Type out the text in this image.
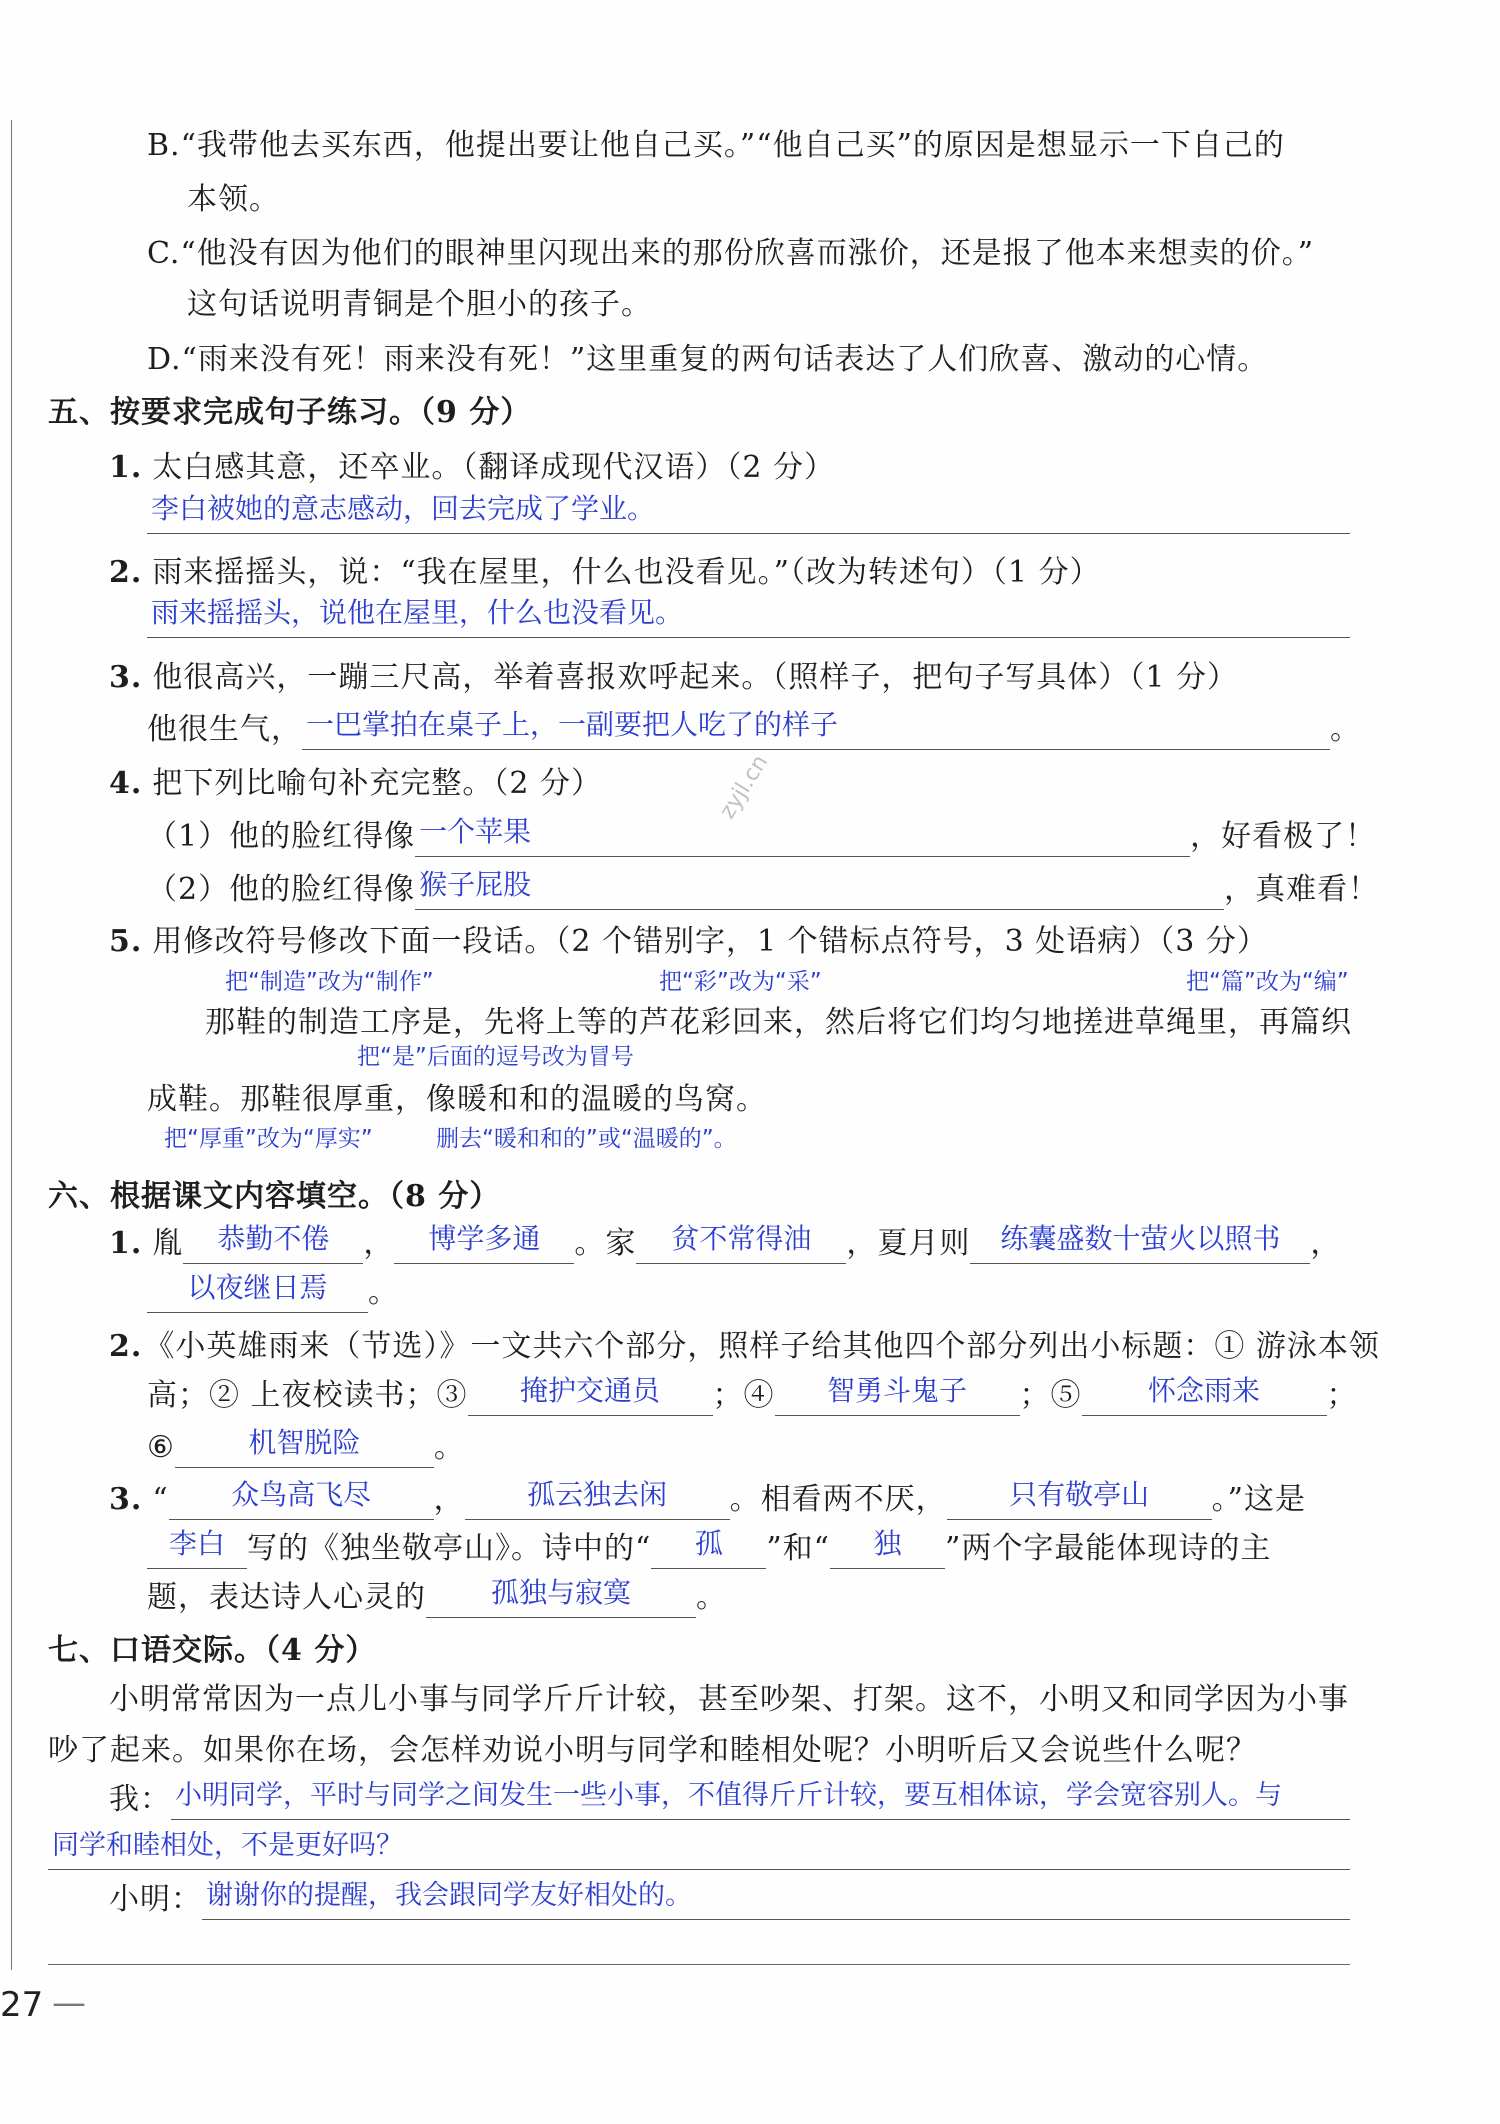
zyjl.cn
B.“我带他去买东西，他提出要让他自己买。”“他自己买”的原因是想显示一下自己的
本领。
C.“他没有因为他们的眼神里闪现出来的那份欣喜而涨价，还是报了他本来想卖的价。”
这句话说明青铜是个胆小的孩子。
D.“雨来没有死！雨来没有死！”这里重复的两句话表达了人们欣喜、激动的心情。
五、按要求完成句子练习。（9 分）
1. 太白感其意，还卒业。（翻译成现代汉语）（2 分）
李白被她的意志感动，回去完成了学业。
2. 雨来摇摇头，说：“我在屋里，什么也没看见。”（改为转述句）（1 分）
雨来摇摇头，说他在屋里，什么也没看见。
3. 他很高兴，一蹦三尺高，举着喜报欢呼起来。（照样子，把句子写具体）（1 分）
他很生气， 一巴掌拍在桌子上，一副要把人吃了的样子	。
4. 把下列比喻句补充完整。（2 分）
（1）他的脸红得像 一个苹果	，好看极了！
（2）他的脸红得像 猴子屁股	，真难看！
5. 用修改符号修改下面一段话。（2 个错别字，1 个错标点符号，3 处语病）（3 分）
把“制造”改为“制作”	把“彩”改为“采”	把“篇”改为“编”
那鞋的制造工序是，先将上等的芦花彩回来，然后将它们均匀地搓进草绳里，再篇织
把“是”后面的逗号改为冒号
成鞋。那鞋很厚重，像暖和和的温暖的鸟窝。
把“厚重”改为“厚实”	删去“暖和和的”或“温暖的”。
六、根据课文内容填空。（8 分）
1. 胤 恭勤不倦 ， 博学多通 。家 贫不常得油 ，夏月则 练囊盛数十萤火以照书 ，
以夜继日焉 。
2.《小英雄雨来（节选）》一文共六个部分，照样子给其他四个部分列出小标题：① 游泳本领
高；② 上夜校读书；③ 掩护交通员 ；④ 智勇斗鬼子 ；⑤ 怀念雨来 ；
⑥	机智脱险 。
3. “ 众鸟高飞尽 ， 孤云独去闲 。相看两不厌， 只有敬亭山 。”这是
李白 写的《独坐敬亭山》。诗中的“ 孤 ”和“ 独 ”两个字最能体现诗的主
题，表达诗人心灵的 孤独与寂寞 。
七、口语交际。（4 分）
小明常常因为一点儿小事与同学斤斤计较，甚至吵架、打架。这不，小明又和同学因为小事
吵了起来。如果你在场，会怎样劝说小明与同学和睦相处呢？小明听后又会说些什么呢？
我： 小明同学，平时与同学之间发生一些小事，不值得斤斤计较，要互相体谅，学会宽容别人。与
同学和睦相处，不是更好吗？
小明： 谢谢你的提醒，我会跟同学友好相处的。
27 —
